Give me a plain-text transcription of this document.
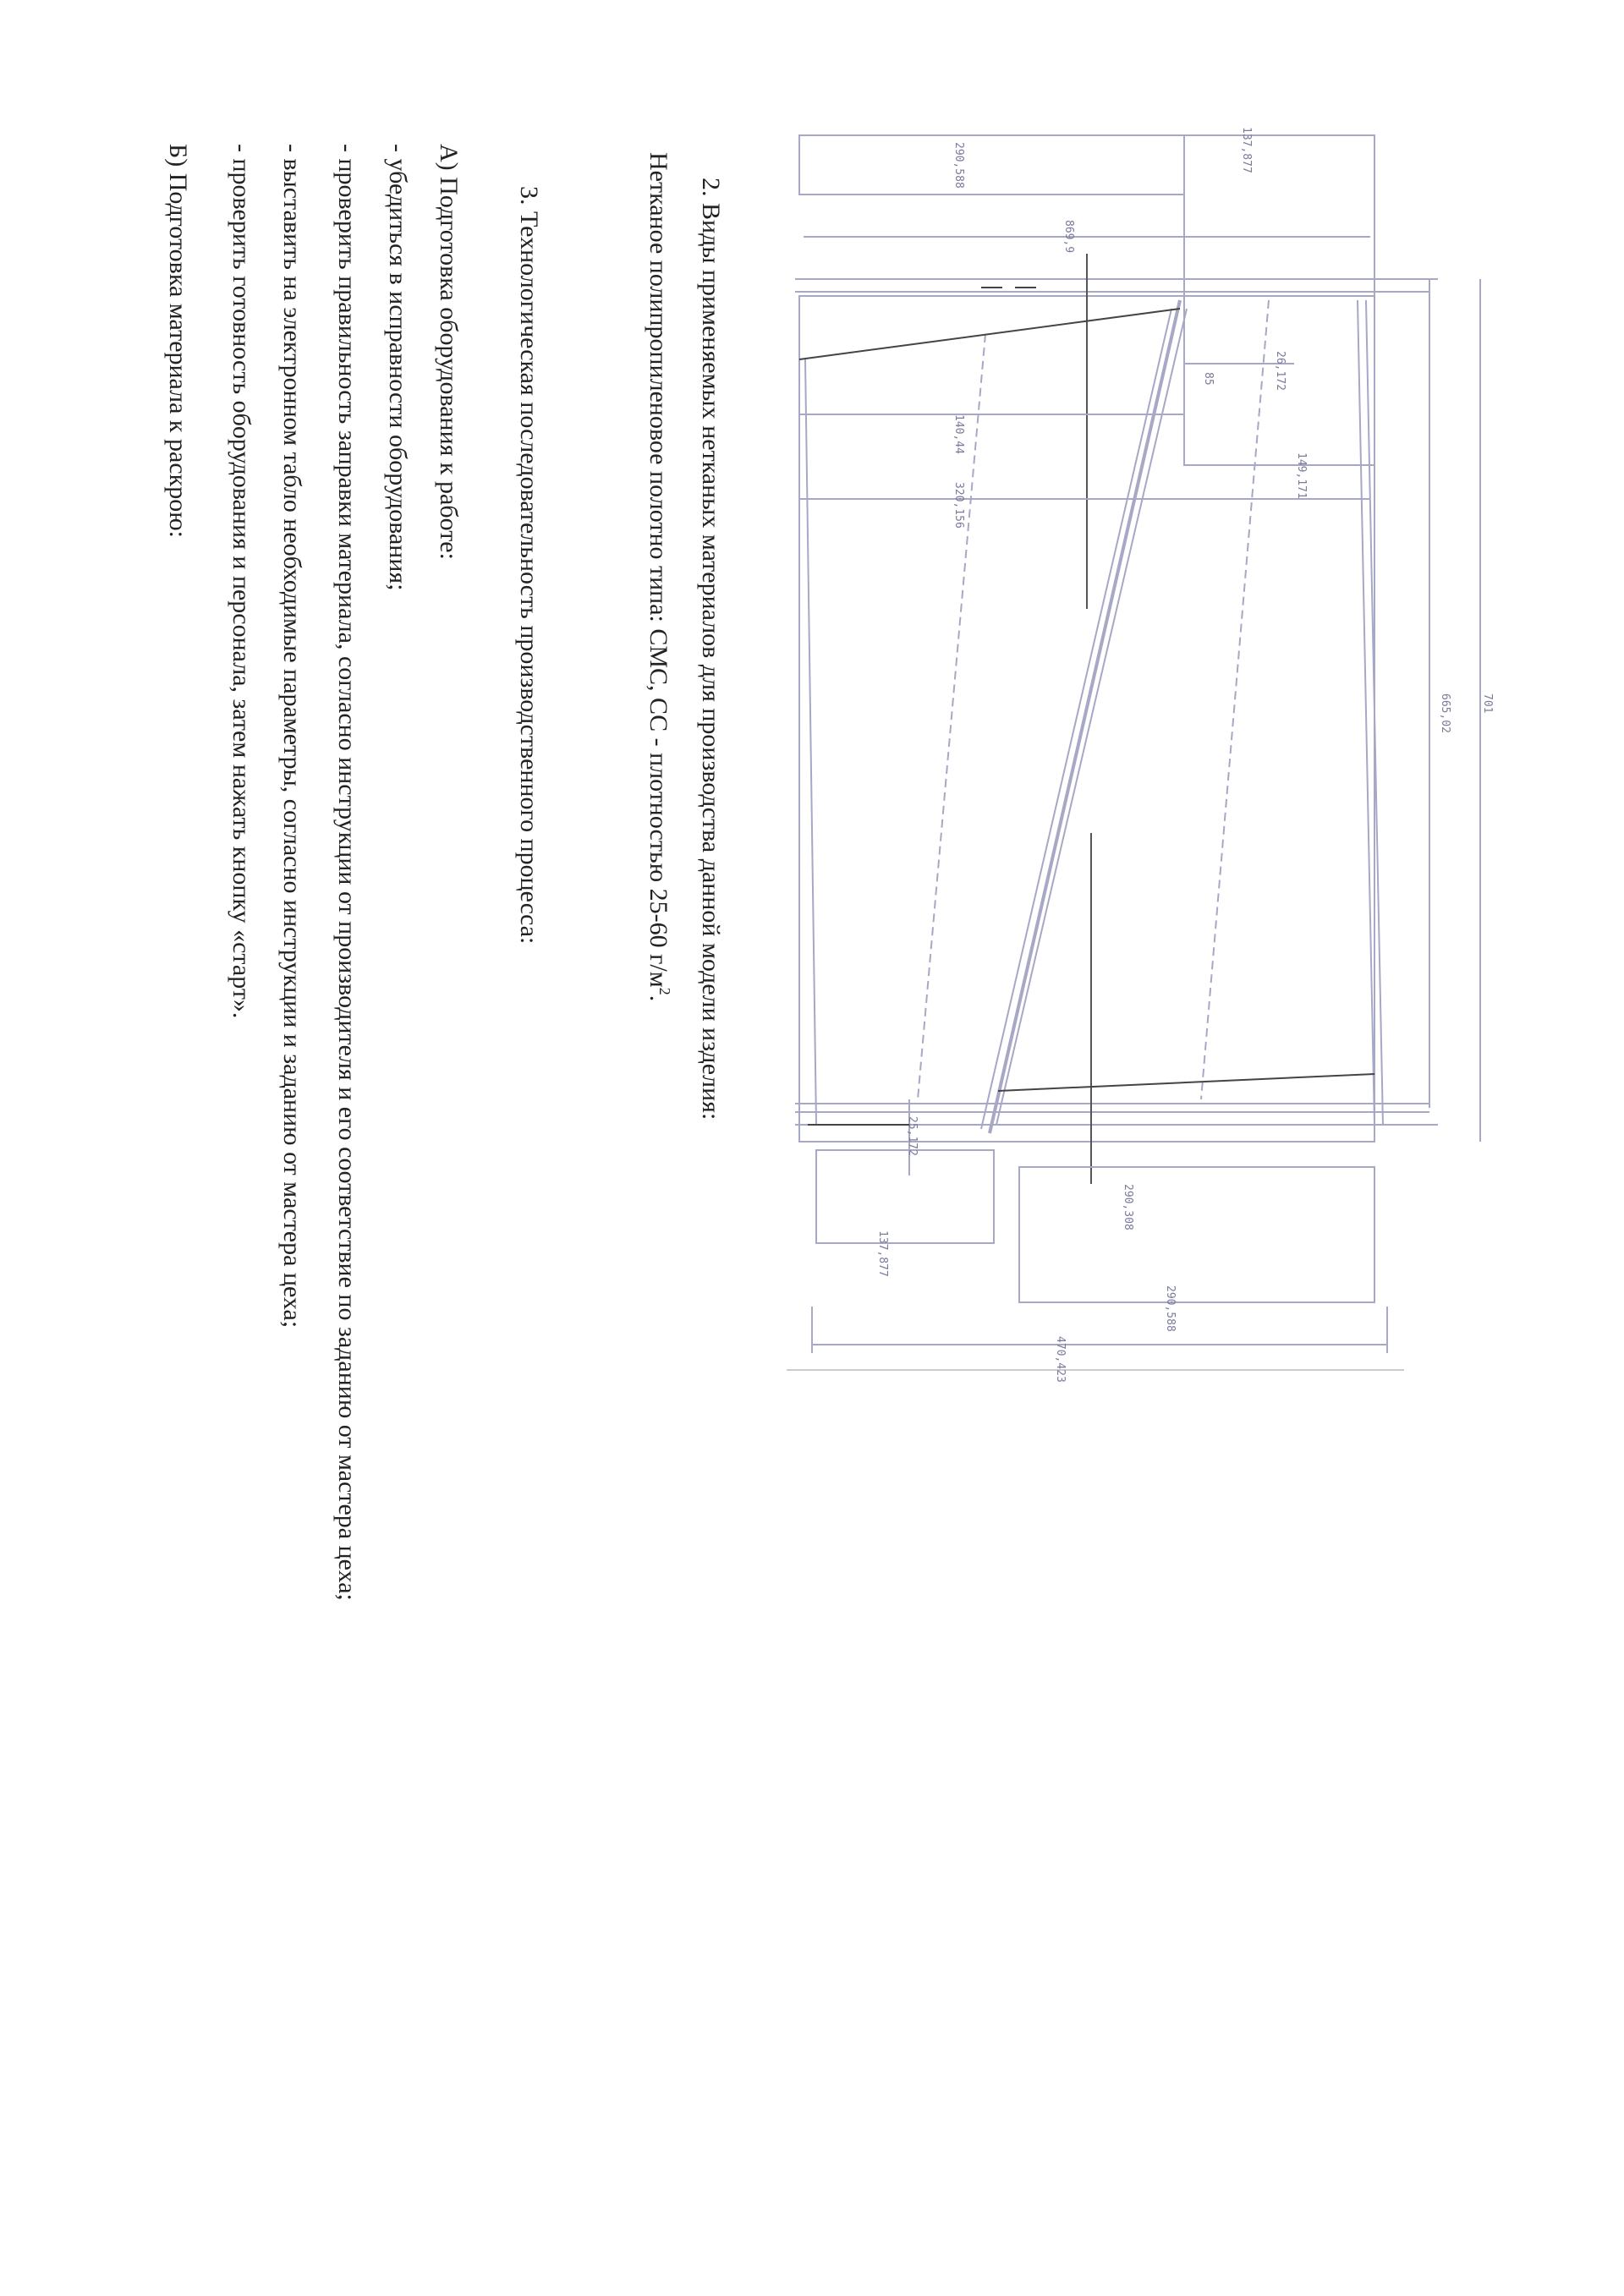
290,588	137,877
869,9
140,44
320,156
26,172
149,171
85
665,02	701
25,172
137,877
290,308
290,588
470,423
2. Виды применяемых нетканых материалов для производства данной модели изделия:
Нетканое полипропиленовое полотно типа: СМС, СС - плотностью 25-60 $г/м^2$.
3. Технологическая последовательность производственного процесса:
А) Подготовка оборудования к работе:
- убедиться в исправности оборудования;
- проверить правильность заправки материала, согласно инструкции от производителя и его соответствие по заданию от мастера цеха;
- выставить на электронном табло необходимые параметры, согласно инструкции и заданию от мастера цеха;
- проверить готовность оборудования и персонала, затем нажать кнопку «старт».
Б) Подготовка материала к раскрою:
